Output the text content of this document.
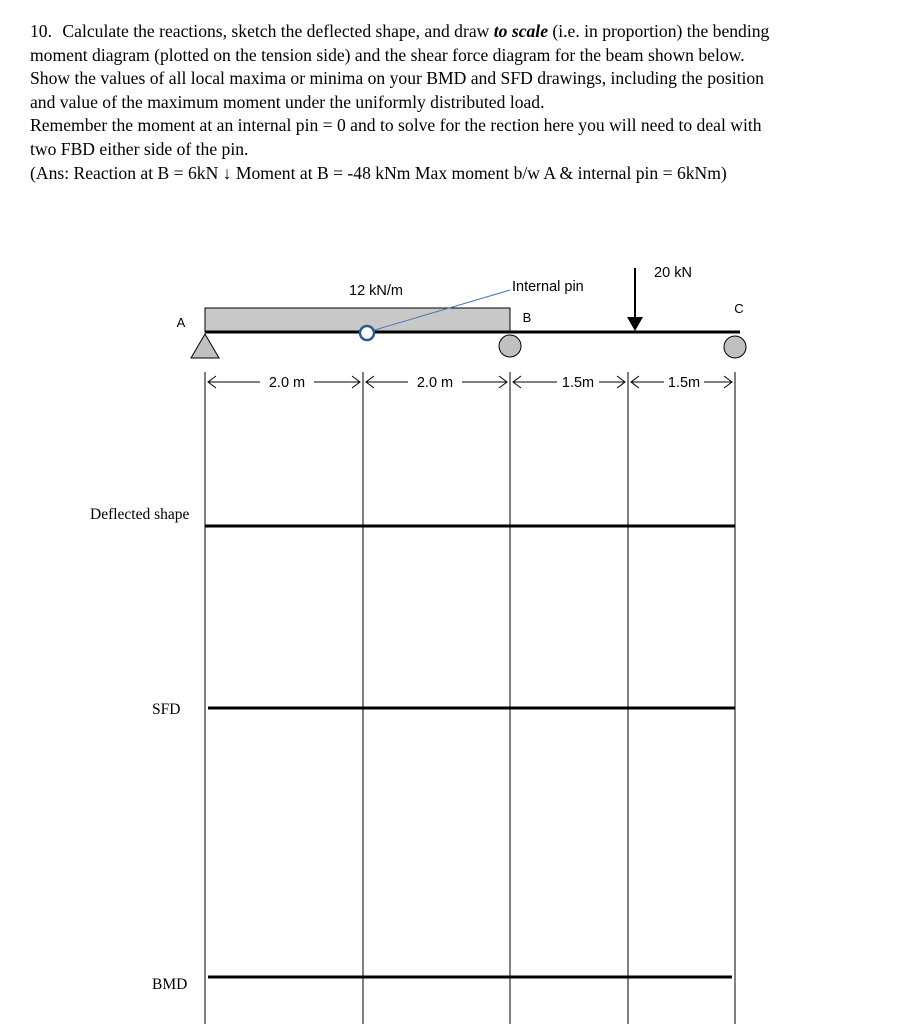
10. Calculate the reactions, sketch the deflected shape, and draw to scale (i.e. in proportion) the bending

moment diagram (plotted on the tension side) and the shear force diagram for the beam shown below.

Show the values of all local maxima or minima on your BMD and SFD drawings, including the position

and value of the maximum moment under the uniformly distributed load.

Remember the moment at an internal pin = 0 and to solve for the rection here you will need to deal with

two FBD either side of the pin.

(Ans: Reaction at B = 6kN ↓ Moment at B = -48 kNm Max moment b/w A & internal pin = 6kNm)

12 kN/m
A
Internal pin
B
20 kN
C
2.0 m	2.0 m	1.5m	1.5m
Deflected shape
SFD
BMD
